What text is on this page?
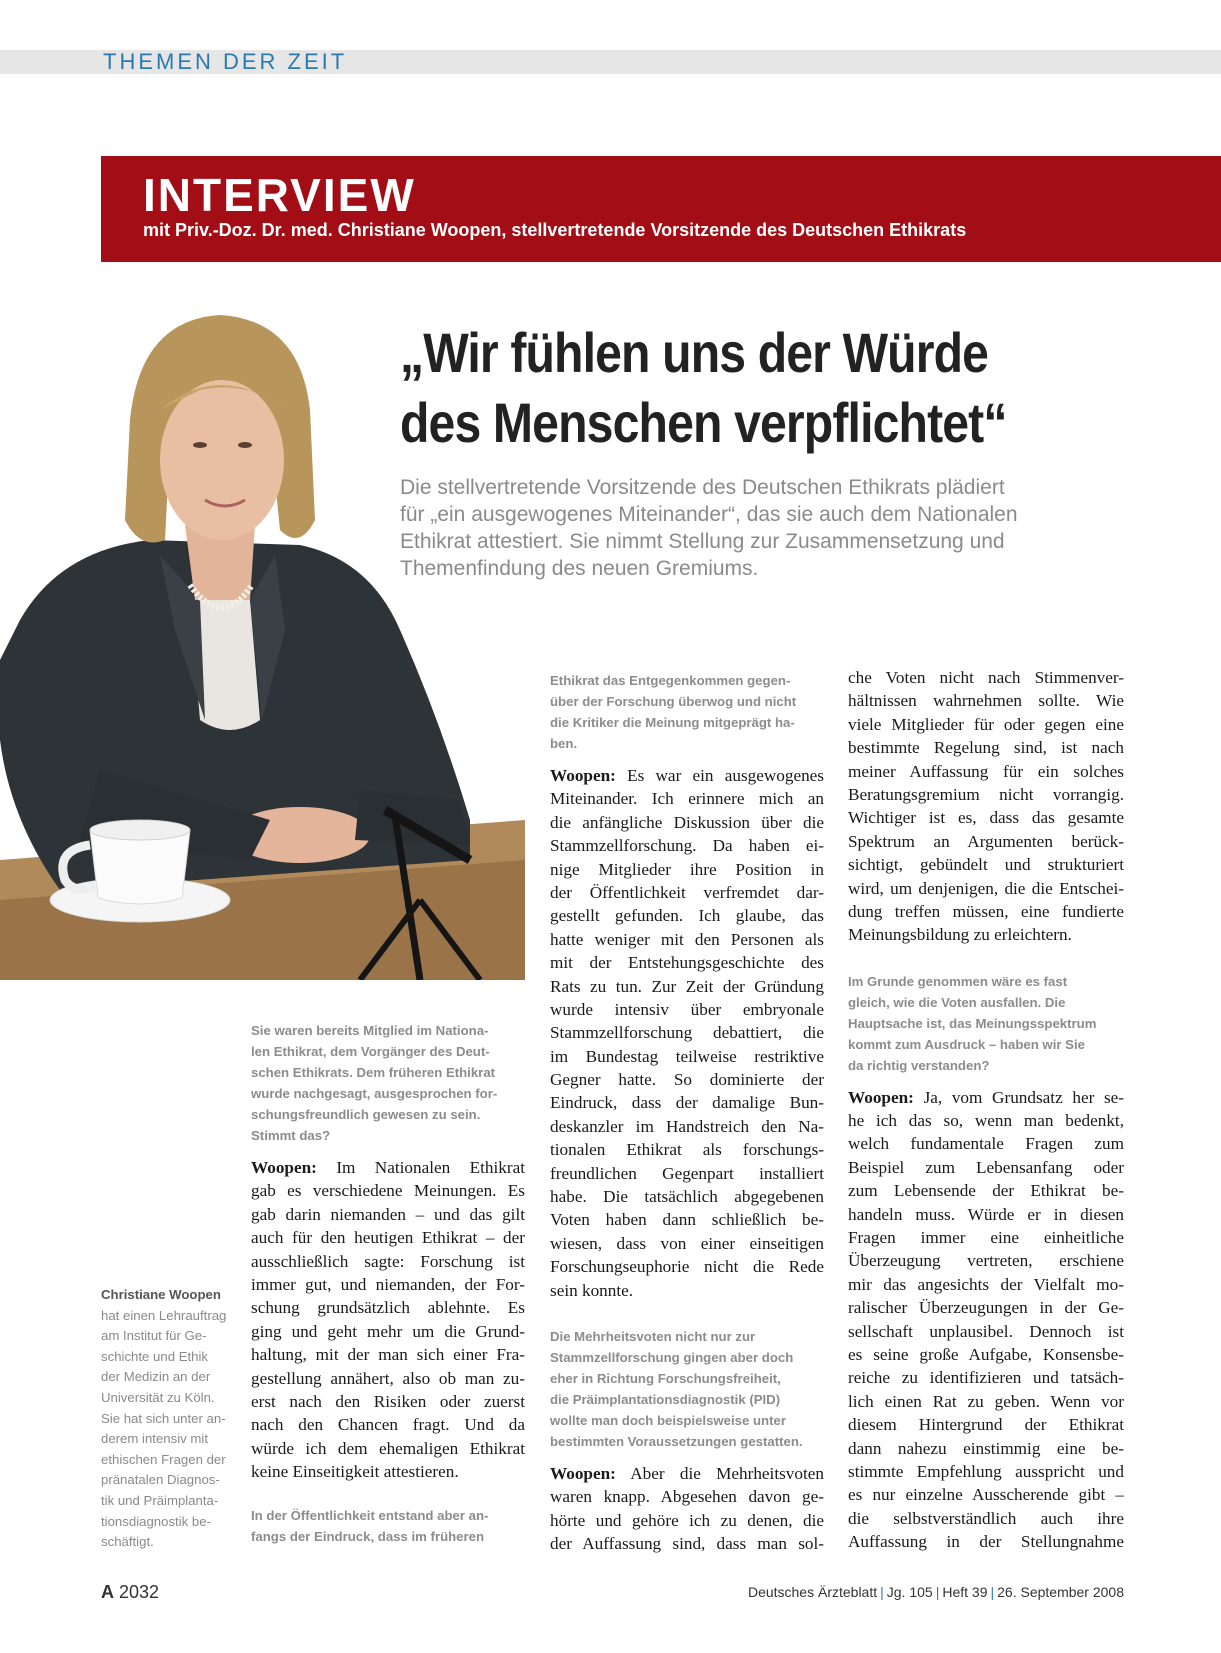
THEMEN DER ZEIT
INTERVIEW
mit Priv.-Doz. Dr. med. Christiane Woopen, stellvertretende Vorsitzende des Deutschen Ethikrats
„Wir fühlen uns der Würde
des Menschen verpflichtet“
Die stellvertretende Vorsitzende des Deutschen Ethikrats plädiert
für „ein ausgewogenes Miteinander“, das sie auch dem Nationalen
Ethikrat attestiert. Sie nimmt Stellung zur Zusammensetzung und
Themenfindung des neuen Gremiums.
Christiane Woopen
hat einen Lehrauftrag
am Institut für Ge-
schichte und Ethik
der Medizin an der
Universität zu Köln.
Sie hat sich unter an-
derem intensiv mit
ethischen Fragen der
pränatalen Diagnos-
tik und Präimplanta-
tionsdiagnostik be-
schäftigt.
Sie waren bereits Mitglied im Nationa-
len Ethikrat, dem Vorgänger des Deut-
schen Ethikrats. Dem früheren Ethikrat
wurde nachgesagt, ausgesprochen for-
schungsfreundlich gewesen zu sein.
Stimmt das?
Woopen: Im Nationalen Ethikrat
gab es verschiedene Meinungen. Es
gab darin niemanden – und das gilt
auch für den heutigen Ethikrat – der
ausschließlich sagte: Forschung ist
immer gut, und niemanden, der For-
schung grundsätzlich ablehnte. Es
ging und geht mehr um die Grund-
haltung, mit der man sich einer Fra-
gestellung annähert, also ob man zu-
erst nach den Risiken oder zuerst
nach den Chancen fragt. Und da
würde ich dem ehemaligen Ethikrat
keine Einseitigkeit attestieren.
In der Öffentlichkeit entstand aber an-
fangs der Eindruck, dass im früheren
Ethikrat das Entgegenkommen gegen-
über der Forschung überwog und nicht
die Kritiker die Meinung mitgeprägt ha-
ben.
Woopen: Es war ein ausgewogenes
Miteinander. Ich erinnere mich an
die anfängliche Diskussion über die
Stammzellforschung. Da haben ei-
nige Mitglieder ihre Position in
der Öffentlichkeit verfremdet dar-
gestellt gefunden. Ich glaube, das
hatte weniger mit den Personen als
mit der Entstehungsgeschichte des
Rats zu tun. Zur Zeit der Gründung
wurde intensiv über embryonale
Stammzellforschung debattiert, die
im Bundestag teilweise restriktive
Gegner hatte. So dominierte der
Eindruck, dass der damalige Bun-
deskanzler im Handstreich den Na-
tionalen Ethikrat als forschungs-
freundlichen Gegenpart installiert
habe. Die tatsächlich abgegebenen
Voten haben dann schließlich be-
wiesen, dass von einer einseitigen
Forschungseuphorie nicht die Rede
sein konnte.
Die Mehrheitsvoten nicht nur zur
Stammzellforschung gingen aber doch
eher in Richtung Forschungsfreiheit,
die Präimplantationsdiagnostik (PID)
wollte man doch beispielsweise unter
bestimmten Voraussetzungen gestatten.
Woopen: Aber die Mehrheitsvoten
waren knapp. Abgesehen davon ge-
hörte und gehöre ich zu denen, die
der Auffassung sind, dass man sol-
che Voten nicht nach Stimmenver-
hältnissen wahrnehmen sollte. Wie
viele Mitglieder für oder gegen eine
bestimmte Regelung sind, ist nach
meiner Auffassung für ein solches
Beratungsgremium nicht vorrangig.
Wichtiger ist es, dass das gesamte
Spektrum an Argumenten berück-
sichtigt, gebündelt und strukturiert
wird, um denjenigen, die die Entschei-
dung treffen müssen, eine fundierte
Meinungsbildung zu erleichtern.
Im Grunde genommen wäre es fast
gleich, wie die Voten ausfallen. Die
Hauptsache ist, das Meinungsspektrum
kommt zum Ausdruck – haben wir Sie
da richtig verstanden?
Woopen: Ja, vom Grundsatz her se-
he ich das so, wenn man bedenkt,
welch fundamentale Fragen zum
Beispiel zum Lebensanfang oder
zum Lebensende der Ethikrat be-
handeln muss. Würde er in diesen
Fragen immer eine einheitliche
Überzeugung vertreten, erschiene
mir das angesichts der Vielfalt mo-
ralischer Überzeugungen in der Ge-
sellschaft unplausibel. Dennoch ist
es seine große Aufgabe, Konsensbe-
reiche zu identifizieren und tatsäch-
lich einen Rat zu geben. Wenn vor
diesem Hintergrund der Ethikrat
dann nahezu einstimmig eine be-
stimmte Empfehlung ausspricht und
es nur einzelne Ausscherende gibt –
die selbstverständlich auch ihre
Auffassung in der Stellungnahme
A 2032	Deutsches Ärzteblatt | Jg. 105 | Heft 39 | 26. September 2008
